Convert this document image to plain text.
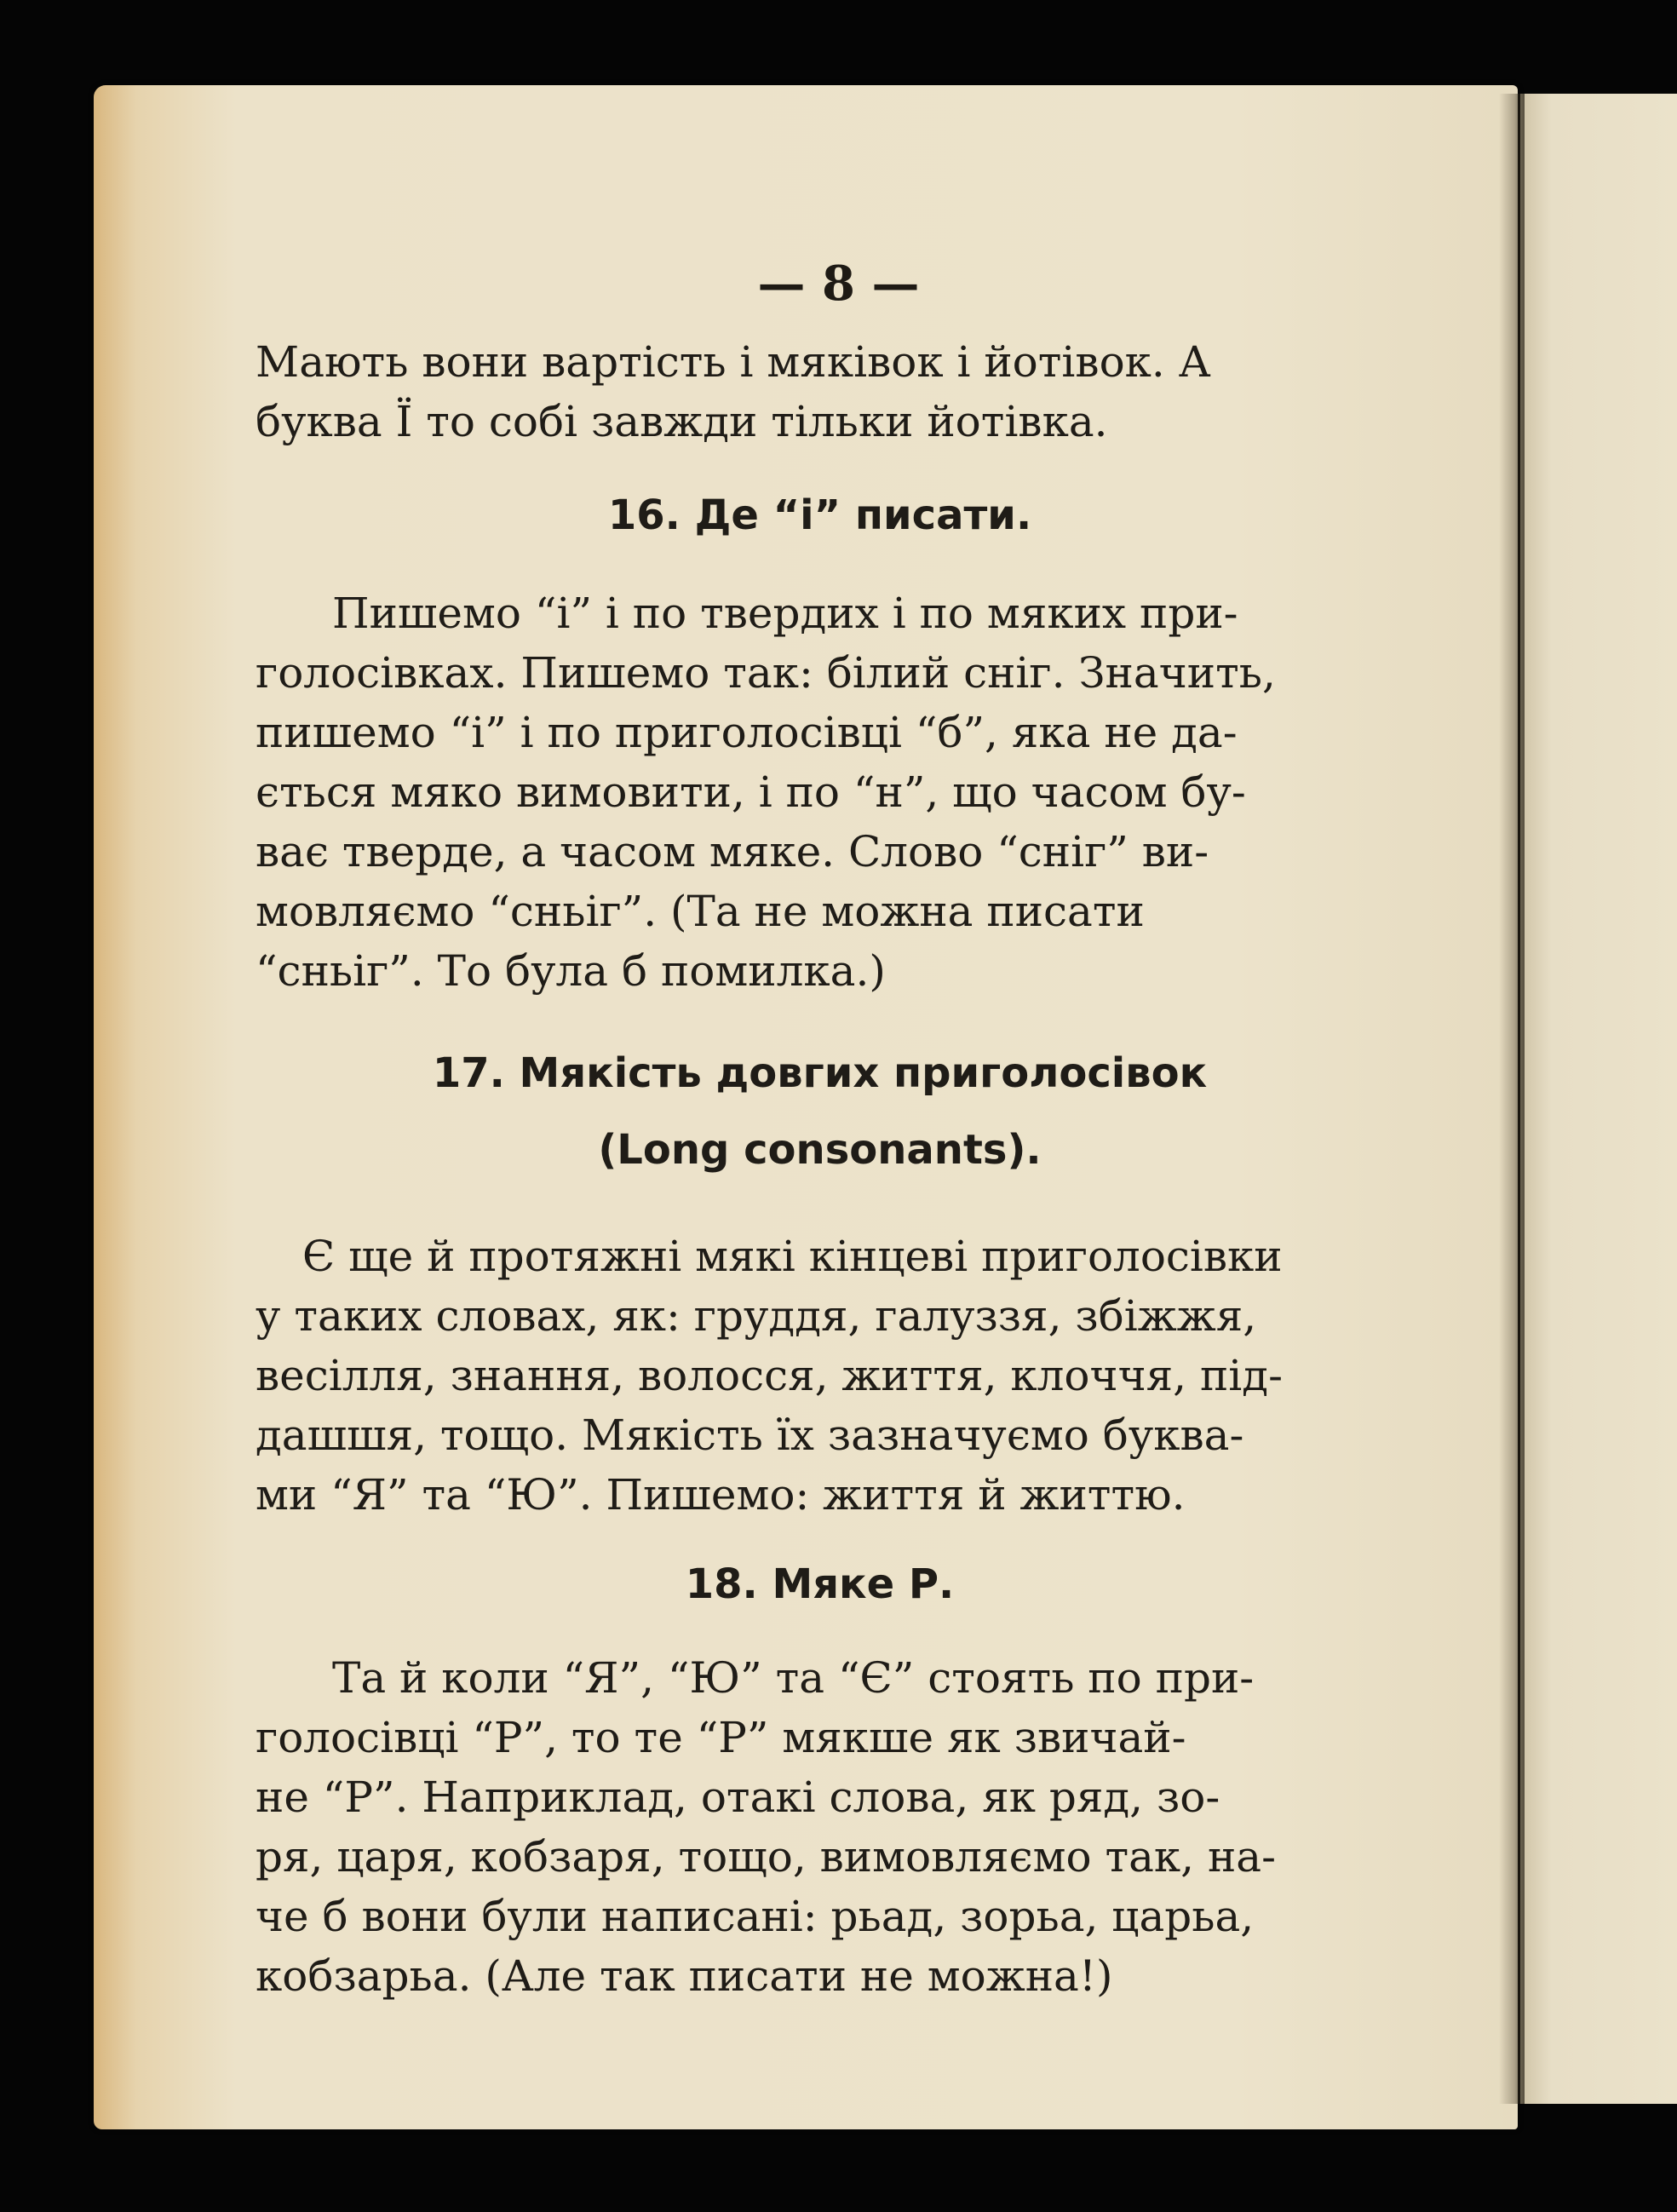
— 8 —

Мають вони вартість і мяківок і йотівок. А
буква Ї то собі завжди тільки йотівка.

16. Де “і” писати.

Пишемо “і” і по твердих і по мяких при-
голосівках. Пишемо так: білий сніг. Значить,
пишемо “і” і по приголосівці “б”, яка не да-
ється мяко вимовити, і по “н”, що часом бу-
ває тверде, а часом мяке. Слово “сніг” ви-
мовляємо “сньіг”. (Та не можна писати
“сньіг”. То була б помилка.)

17. Мякість довгих приголосівок
(Long consonants).

Є ще й протяжні мякі кінцеві приголосівки
у таких словах, як: груддя, галуззя, збіжжя,
весілля, знання, волосся, життя, клоччя, під-
дашшя, тощо. Мякість їх зазначуємо буква-
ми “Я” та “Ю”. Пишемо: життя й життю.

18. Мяке Р.

Та й коли “Я”, “Ю” та “Є” стоять по при-
голосівці “Р”, то те “Р” мякше як звичай-
не “Р”. Наприклад, отакі слова, як ряд, зо-
ря, царя, кобзаря, тощо, вимовляємо так, на-
че б вони були написані: рьад, зорьа, царьа,
кобзарьа. (Але так писати не можна!)
